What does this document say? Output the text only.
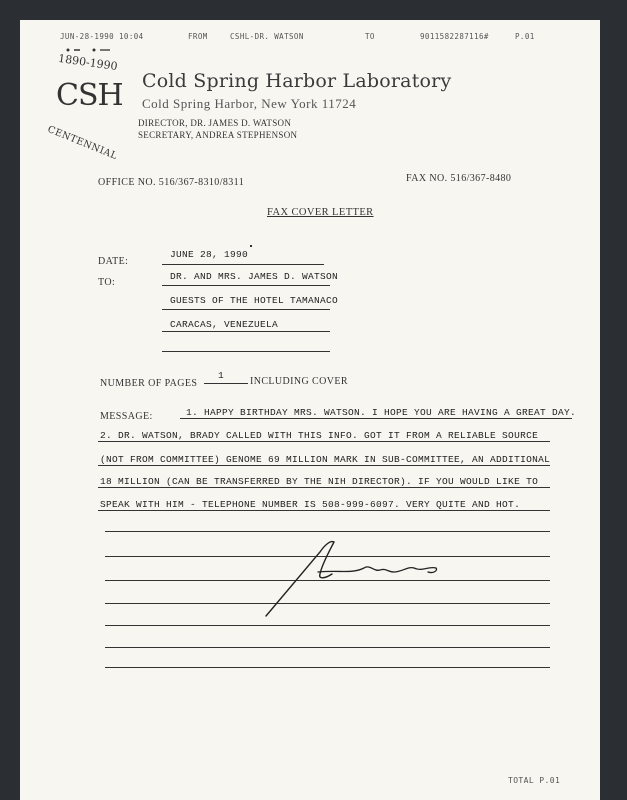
JUN-28-1990 10:04	FROM	CSHL-DR. WATSON	TO	9011582287116#	P.01
1890-1990
CSH
CENTENNIAL
Cold Spring Harbor Laboratory
Cold Spring Harbor, New York 11724
DIRECTOR, DR. JAMES D. WATSON
SECRETARY, ANDREA STEPHENSON
OFFICE NO. 516/367-8310/8311	FAX NO. 516/367-8480
FAX COVER LETTER
DATE:
JUNE 28, 1990
TO:
DR. AND MRS. JAMES D. WATSON
GUESTS OF THE HOTEL TAMANACO
CARACAS, VENEZUELA
NUMBER OF PAGES
1
INCLUDING COVER
MESSAGE:	1. HAPPY BIRTHDAY MRS. WATSON. I HOPE YOU ARE HAVING A GREAT DAY.
2. DR. WATSON, BRADY CALLED WITH THIS INFO. GOT IT FROM A RELIABLE SOURCE
(NOT FROM COMMITTEE) GENOME 69 MILLION MARK IN SUB-COMMITTEE, AN ADDITIONAL
18 MILLION (CAN BE TRANSFERRED BY THE NIH DIRECTOR). IF YOU WOULD LIKE TO
SPEAK WITH HIM - TELEPHONE NUMBER IS 508-999-6097. VERY QUITE AND HOT.
TOTAL P.01
